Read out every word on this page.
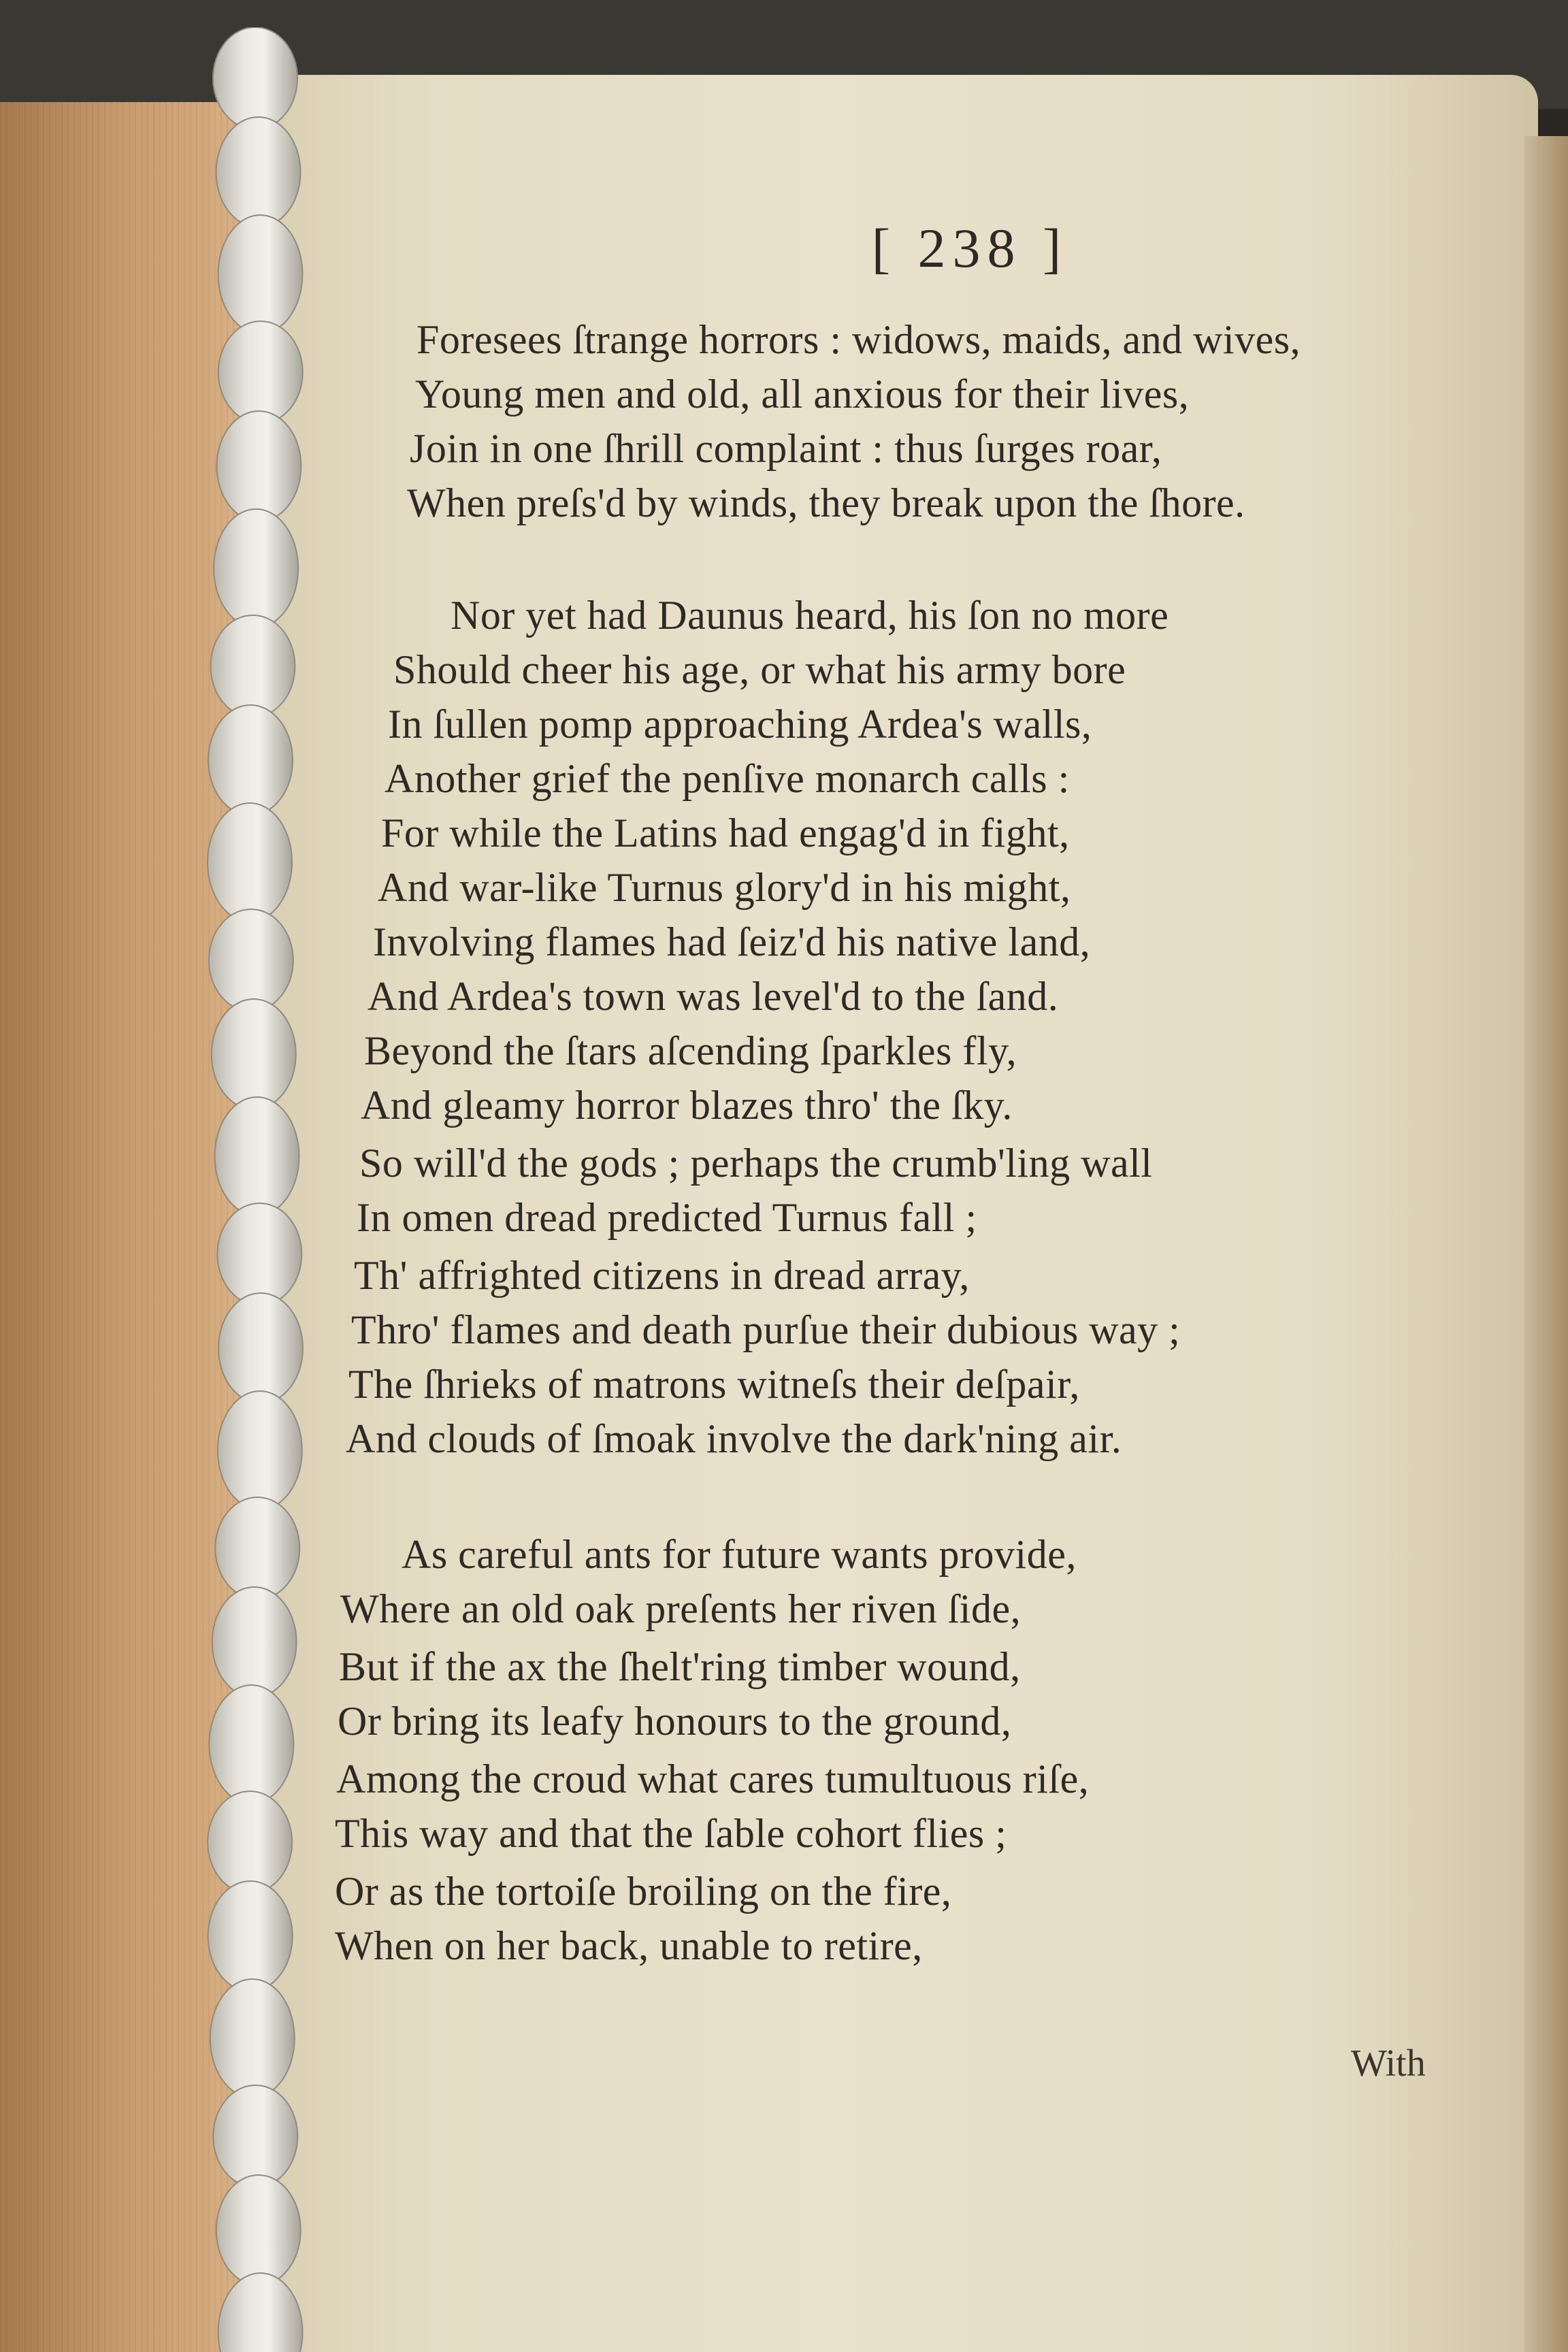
[ 238 ]
Foresees ſtrange horrors : widows, maids, and wives,
Young men and old, all anxious for their lives,
Join in one ſhrill complaint : thus ſurges roar,
When preſs'd by winds, they break upon the ſhore.
Nor yet had Daunus heard, his ſon no more
Should cheer his age, or what his army bore
In ſullen pomp approaching Ardea's walls,
Another grief the penſive monarch calls :
For while the Latins had engag'd in fight,
And war-like Turnus glory'd in his might,
Involving flames had ſeiz'd his native land,
And Ardea's town was level'd to the ſand.
Beyond the ſtars aſcending ſparkles fly,
And gleamy horror blazes thro' the ſky.
So will'd the gods ; perhaps the crumb'ling wall
In omen dread predicted Turnus fall ;
Th' affrighted citizens in dread array,
Thro' flames and death purſue their dubious way ;
The ſhrieks of matrons witneſs their deſpair,
And clouds of ſmoak involve the dark'ning air.
As careful ants for future wants provide,
Where an old oak preſents her riven ſide,
But if the ax the ſhelt'ring timber wound,
Or bring its leafy honours to the ground,
Among the croud what cares tumultuous riſe,
This way and that the ſable cohort flies ;
Or as the tortoiſe broiling on the fire,
When on her back, unable to retire,
With
